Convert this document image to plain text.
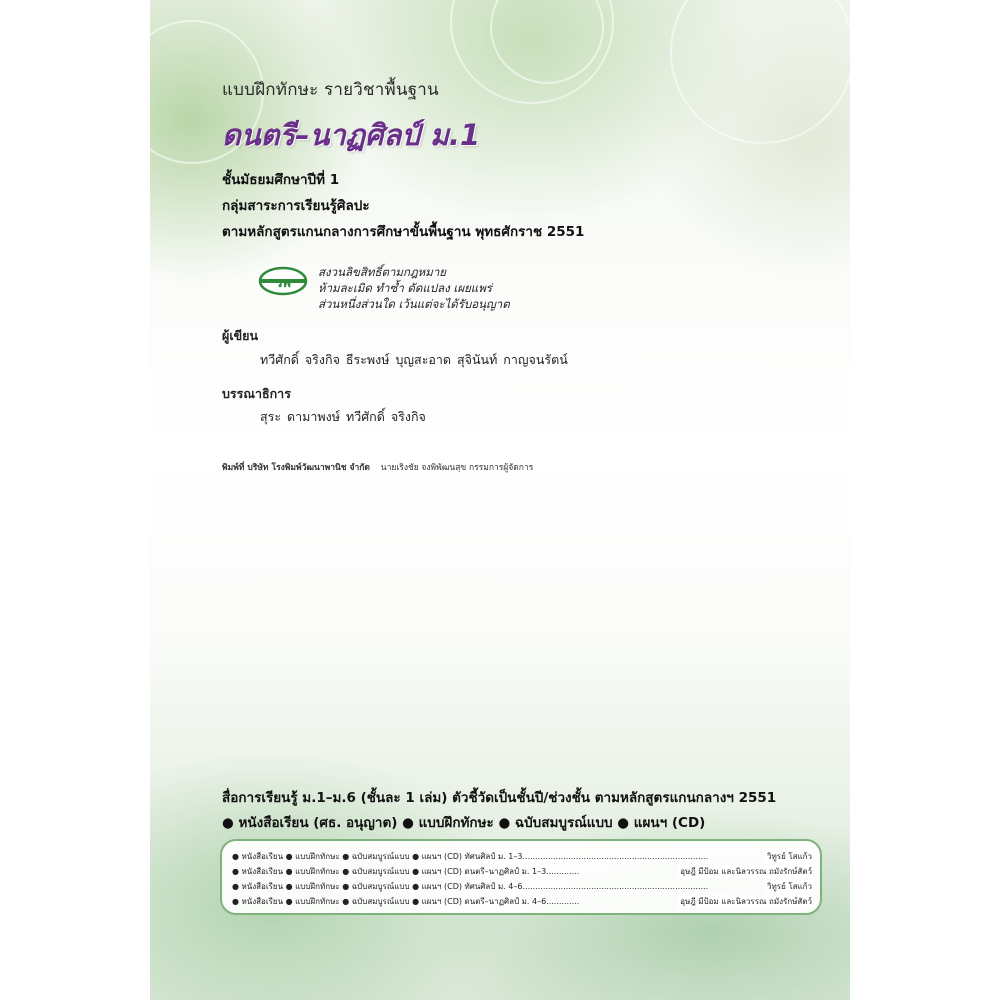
แบบฝึกทักษะ รายวิชาพื้นฐาน
ดนตรี–นาฏศิลป์ ม.1
ชั้นมัธยมศึกษาปีที่ 1
กลุ่มสาระการเรียนรู้ศิลปะ
ตามหลักสูตรแกนกลางการศึกษาขั้นพื้นฐาน พุทธศักราช 2551
วพ
สงวนลิขสิทธิ์ตามกฎหมาย
ห้ามละเมิด ทำซ้ำ ดัดแปลง เผยแพร่
ส่วนหนึ่งส่วนใด เว้นแต่จะได้รับอนุญาต
ผู้เขียน
ทวีศักดิ์ จริงกิจ ธีระพงษ์ บุญสะอาด สุจินันท์ กาญจนรัตน์
บรรณาธิการ
สุระ ดามาพงษ์ ทวีศักดิ์ จริงกิจ
พิมพ์ที่ บริษัท โรงพิมพ์วัฒนาพานิช จำกัด นายเริงชัย จงพิพัฒนสุข กรรมการผู้จัดการ
สื่อการเรียนรู้ ม.1–ม.6 (ชั้นละ 1 เล่ม) ตัวชี้วัดเป็นชั้นปี/ช่วงชั้น ตามหลักสูตรแกนกลางฯ 2551
● หนังสือเรียน (ศธ. อนุญาต) ● แบบฝึกทักษะ ● ฉบับสมบูรณ์แบบ ● แผนฯ (CD)
● หนังสือเรียน ● แบบฝึกทักษะ ● ฉบับสมบูรณ์แบบ ● แผนฯ (CD) ทัศนศิลป์ ม. 1–3.........................................................................	วิทูรย์ โสแก้ว
● หนังสือเรียน ● แบบฝึกทักษะ ● ฉบับสมบูรณ์แบบ ● แผนฯ (CD) ดนตรี–นาฏศิลป์ ม. 1–3.............	อุษฎี มีป้อม และนิลวรรณ ถมังรักษ์สัตว์
● หนังสือเรียน ● แบบฝึกทักษะ ● ฉบับสมบูรณ์แบบ ● แผนฯ (CD) ทัศนศิลป์ ม. 4–6.........................................................................	วิทูรย์ โสแก้ว
● หนังสือเรียน ● แบบฝึกทักษะ ● ฉบับสมบูรณ์แบบ ● แผนฯ (CD) ดนตรี–นาฏศิลป์ ม. 4–6.............	อุษฎี มีป้อม และนิลวรรณ ถมังรักษ์สัตว์
